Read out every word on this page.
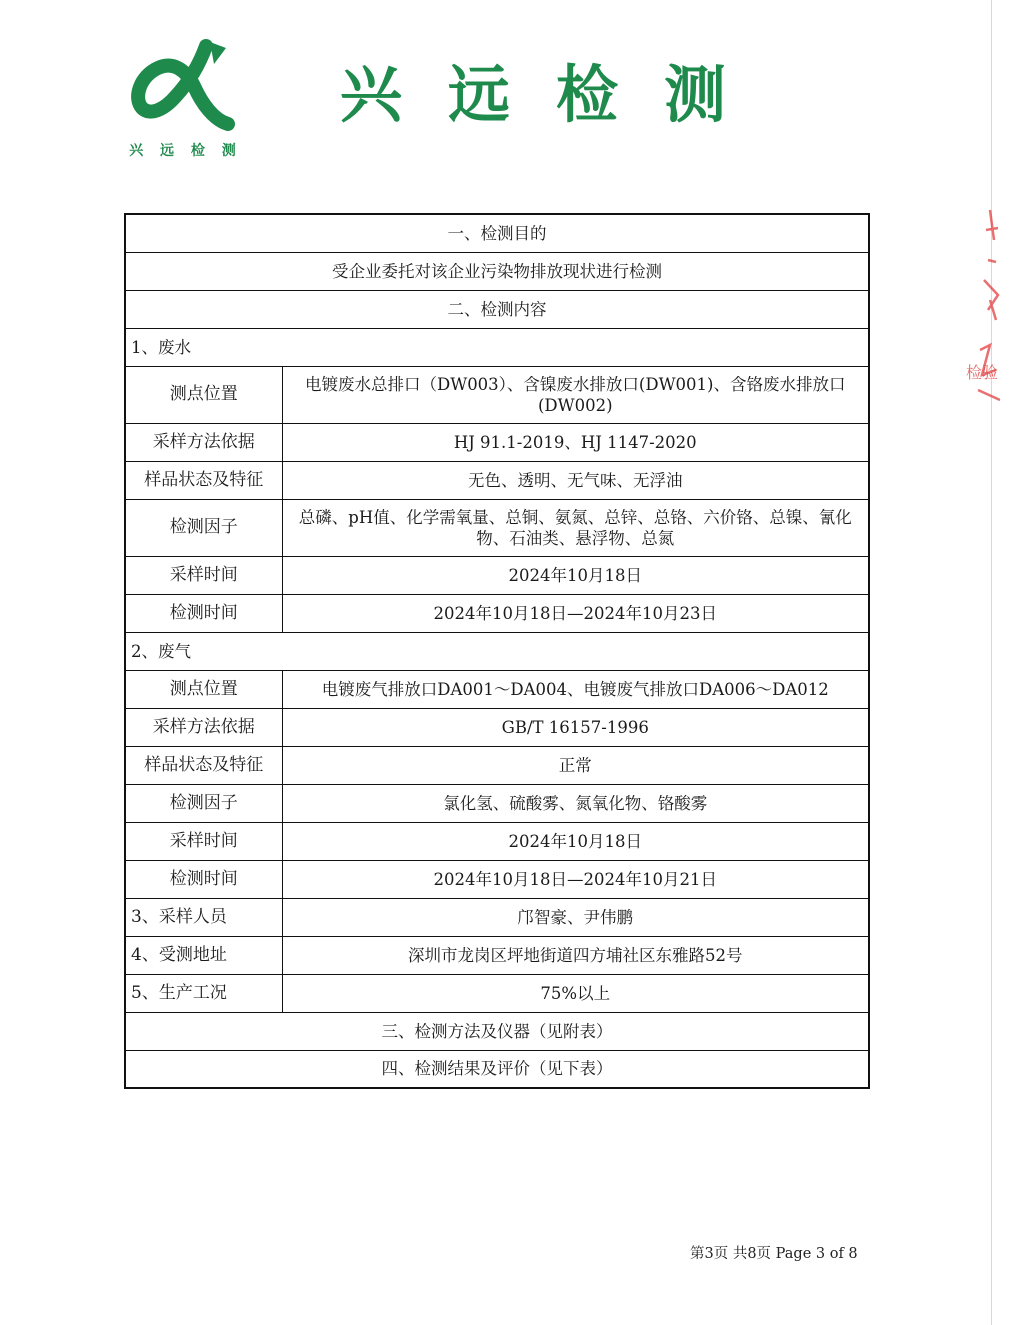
检验
兴 远 检 测
兴远检测
一、检测目的	
受企业委托对该企业污染物排放现状进行检测	
二、检测内容	
1、废水	
测点位置	电镀废水总排口（DW003）、含镍废水排放口(DW001)、含铬废水排放口(DW002)
采样方法依据	HJ 91.1-2019、HJ 1147-2020
样品状态及特征	无色、透明、无气味、无浮油
检测因子	总磷、pH值、化学需氧量、总铜、氨氮、总锌、总铬、六价铬、总镍、氰化物、石油类、悬浮物、总氮
采样时间	2024年10月18日
检测时间	2024年10月18日—2024年10月23日
2、废气	
测点位置	电镀废气排放口DA001～DA004、电镀废气排放口DA006～DA012
采样方法依据	GB/T 16157-1996
样品状态及特征	正常
检测因子	氯化氢、硫酸雾、氮氧化物、铬酸雾
采样时间	2024年10月18日
检测时间	2024年10月18日—2024年10月21日
3、采样人员	邝智豪、尹伟鹏
4、受测地址	深圳市龙岗区坪地街道四方埔社区东雅路52号
5、生产工况	75%以上
三、检测方法及仪器（见附表）	
四、检测结果及评价（见下表）	
第3页 共8页 Page 3 of 8
